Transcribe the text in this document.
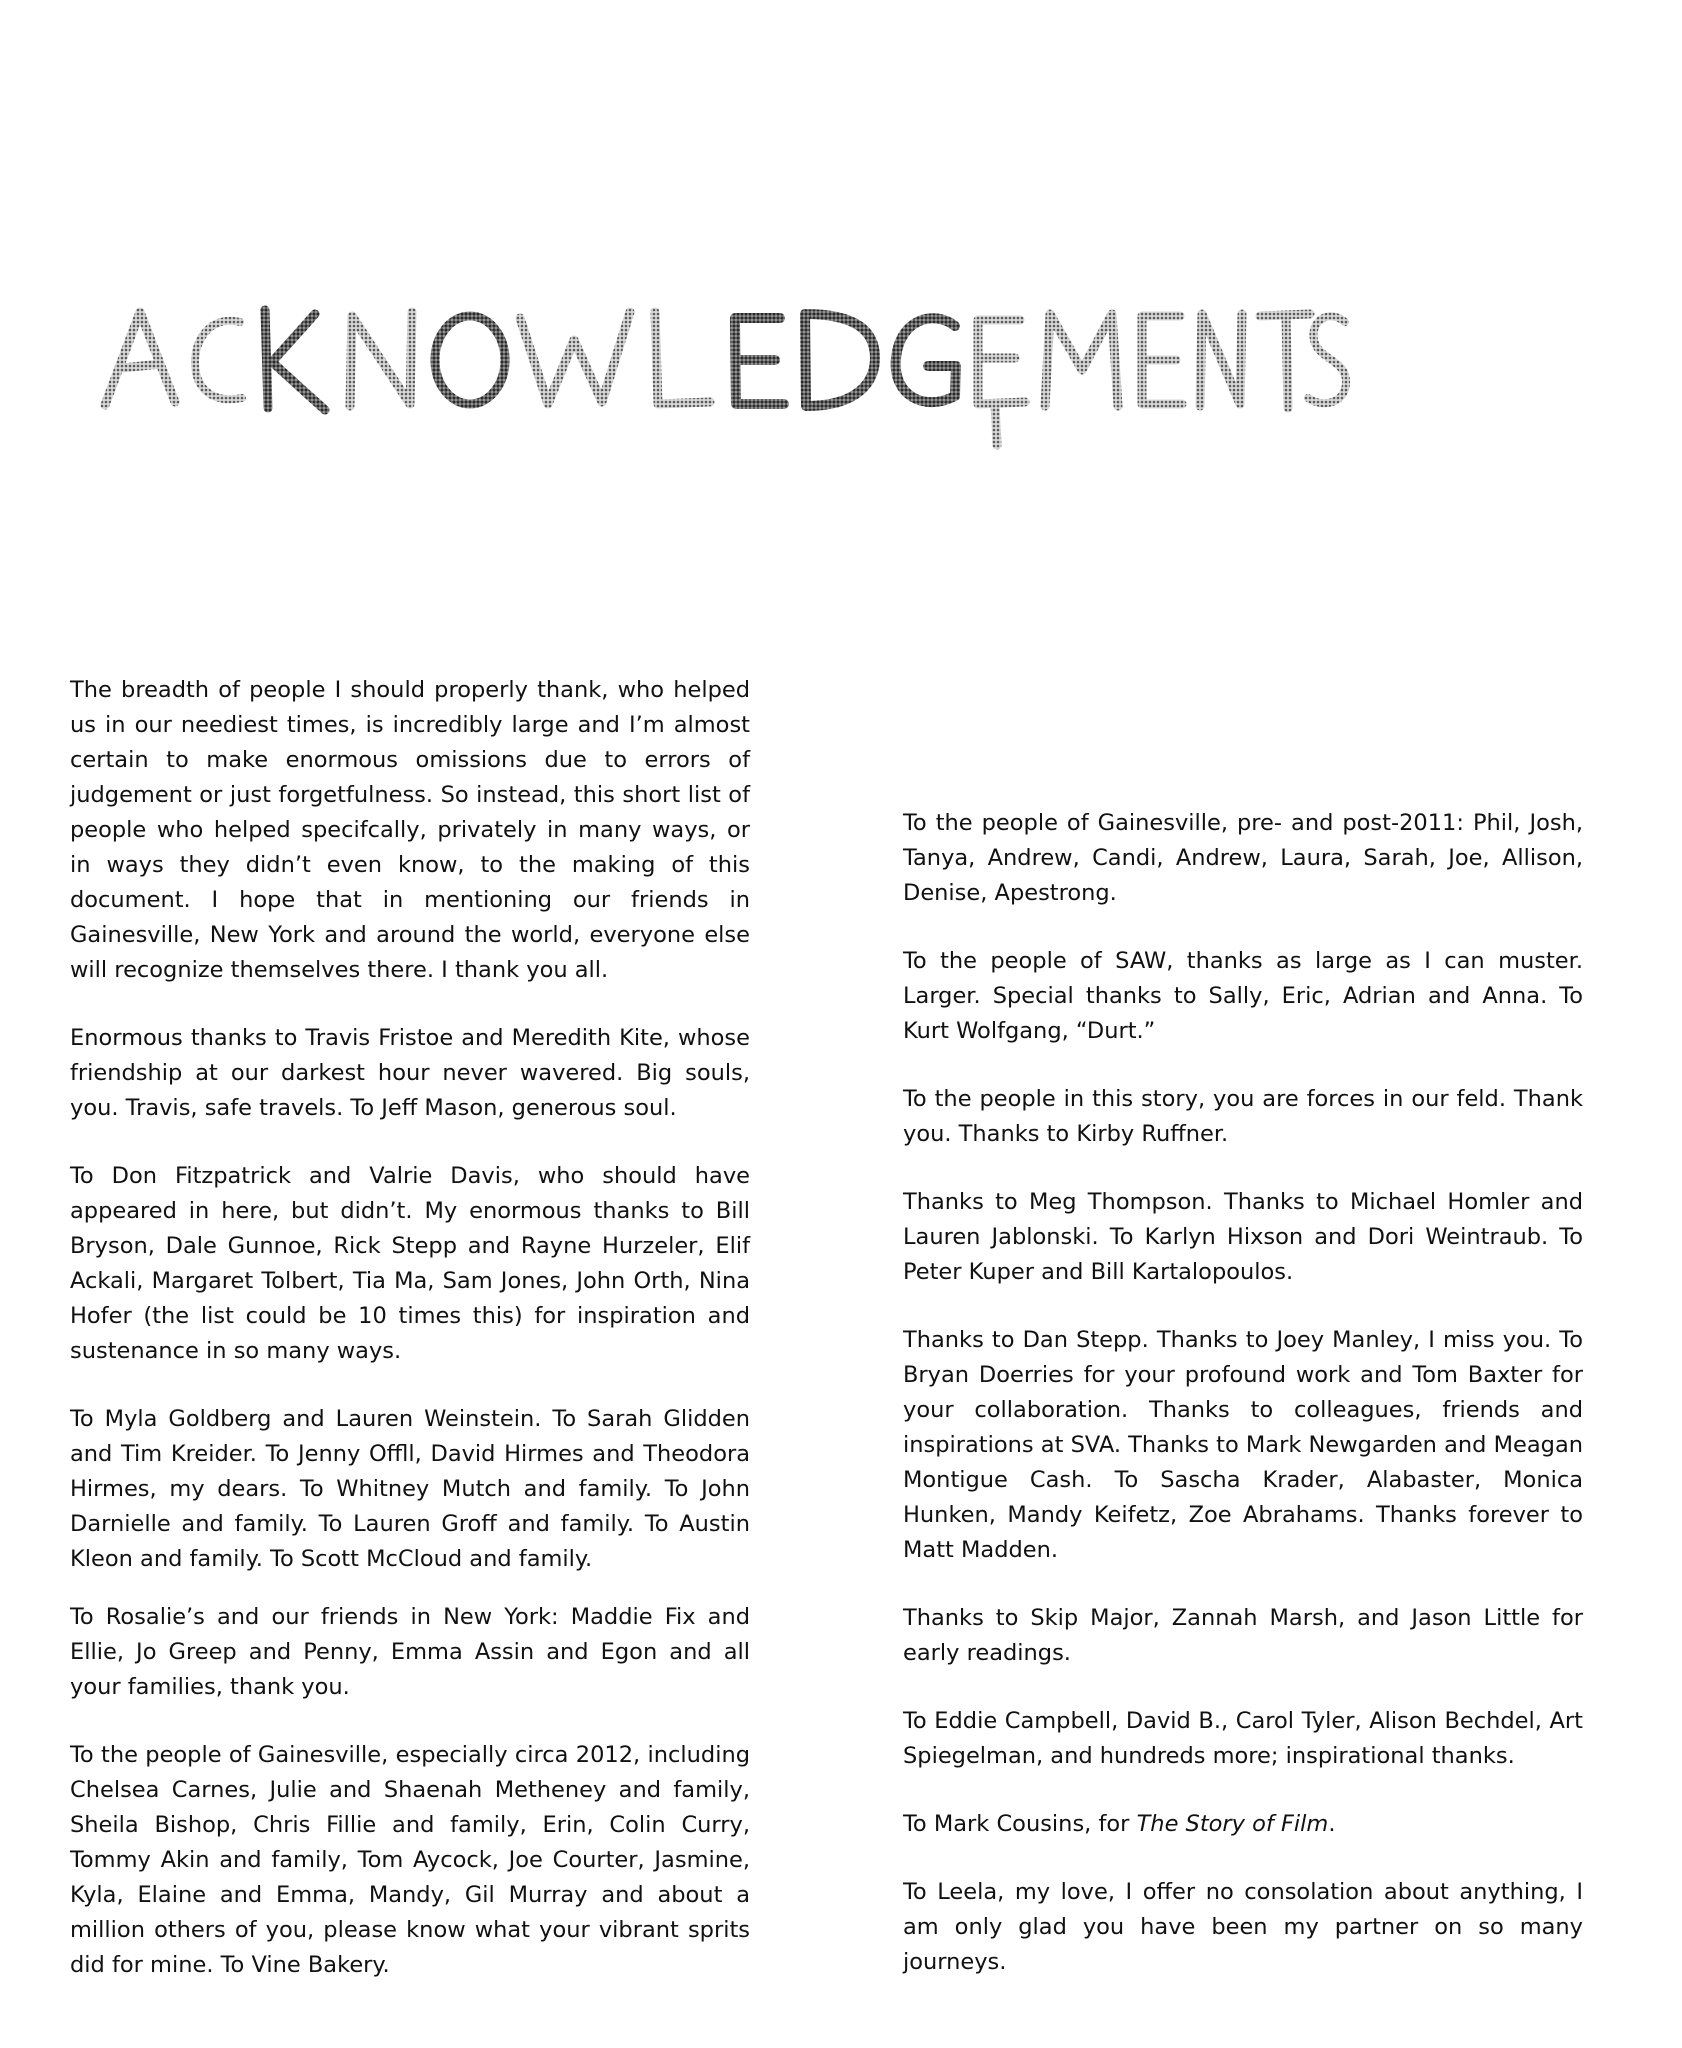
The breadth of people I should properly thank, who helped us in our neediest times, is incredibly large and I’m almost certain to make enormous omissions due to errors of judgement or just forgetfulness. So instead, this short list of people who helped specifcally, privately in many ways, or in ways they didn’t even know, to the making of this document. I hope that in mentioning our friends in Gainesville, New York and around the world, everyone else will recognize themselves there. I thank you all.

Enormous thanks to Travis Fristoe and Meredith Kite, whose friendship at our darkest hour never wavered. Big souls, you. Travis, safe travels. To Jeff Mason, generous soul.

To Don Fitzpatrick and Valrie Davis, who should have appeared in here, but didn’t. My enormous thanks to Bill Bryson, Dale Gunnoe, Rick Stepp and Rayne Hurzeler, Elif Ackali, Margaret Tolbert, Tia Ma, Sam Jones, John Orth, Nina Hofer (the list could be 10 times this) for inspiration and sustenance in so many ways.

To Myla Goldberg and Lauren Weinstein. To Sarah Glidden and Tim Kreider. To Jenny Offll, David Hirmes and Theodora Hirmes, my dears. To Whitney Mutch and family. To John Darnielle and family. To Lauren Groff and family. To Austin Kleon and family. To Scott McCloud and family.

To Rosalie’s and our friends in New York: Maddie Fix and Ellie, Jo Greep and Penny, Emma Assin and Egon and all your families, thank you.

To the people of Gainesville, especially circa 2012, including Chelsea Carnes, Julie and Shaenah Metheney and family, Sheila Bishop, Chris Fillie and family, Erin, Colin Curry, Tommy Akin and family, Tom Aycock, Joe Courter, Jasmine, Kyla, Elaine and Emma, Mandy, Gil Murray and about a million others of you, please know what your vibrant sprits did for mine. To Vine Bakery.

To the people of Gainesville, pre- and post-2011: Phil, Josh, Tanya, Andrew, Candi, Andrew, Laura, Sarah, Joe, Allison, Denise, Apestrong.

To the people of SAW, thanks as large as I can muster. Larger. Special thanks to Sally, Eric, Adrian and Anna. To Kurt Wolfgang, “Durt.”

To the people in this story, you are forces in our feld. Thank you. Thanks to Kirby Ruffner.

Thanks to Meg Thompson. Thanks to Michael Homler and Lauren Jablonski. To Karlyn Hixson and Dori Weintraub. To Peter Kuper and Bill Kartalopoulos.

Thanks to Dan Stepp. Thanks to Joey Manley, I miss you. To Bryan Doerries for your profound work and Tom Baxter for your collaboration. Thanks to colleagues, friends and inspirations at SVA. Thanks to Mark Newgarden and Meagan Montigue Cash. To Sascha Krader, Alabaster, Monica Hunken, Mandy Keifetz, Zoe Abrahams. Thanks forever to Matt Madden.

Thanks to Skip Major, Zannah Marsh, and Jason Little for early readings.

To Eddie Campbell, David B., Carol Tyler, Alison Bechdel, Art Spiegelman, and hundreds more; inspirational thanks.

To Mark Cousins, for The Story of Film.

To Leela, my love, I offer no consolation about anything, I am only glad you have been my partner on so many journeys.
